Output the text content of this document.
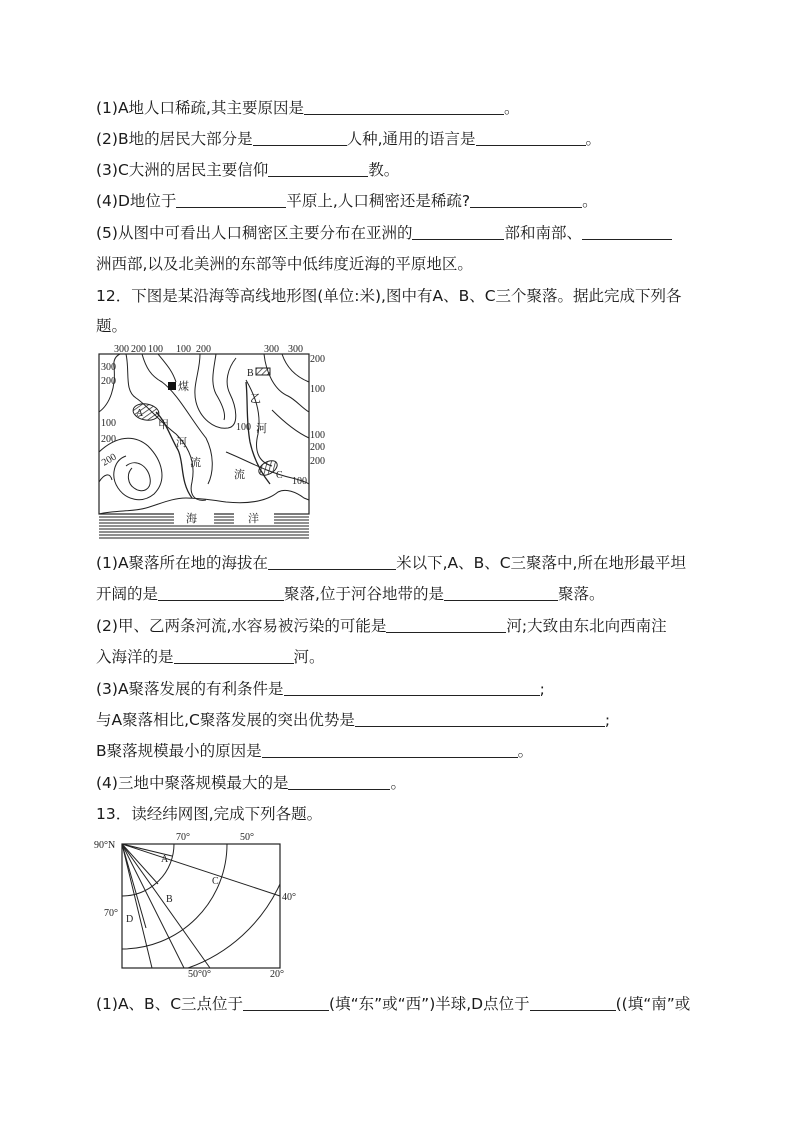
(1)A地人口稀疏,其主要原因是	。
(2)B地的居民大部分是	人种,通用的语言是	。
(3)C大洲的居民主要信仰	教。
(4)D地位于	平原上,人口稠密还是稀疏?	。
(5)从图中可看出人口稠密区主要分布在亚洲的	部和南部、
洲西部,以及北美洲的东部等中低纬度近海的平原地区。
12．下图是某沿海等高线地形图(单位:米),图中有A、B、C三个聚落。据此完成下列各
题。
300 200 100 100 200	300 300
300
200
100
200
200
200
100
100
200
200
100
100
煤
A
B
C
甲
河
流
乙
河
流
海	洋
(1)A聚落所在地的海拔在	米以下,A、B、C三聚落中,所在地形最平坦
开阔的是	聚落,位于河谷地带的是	聚落。
(2)甲、乙两条河流,水容易被污染的可能是	河;大致由东北向西南注
入海洋的是	河。
(3)A聚落发展的有利条件是	;
与A聚落相比,C聚落发展的突出优势是	;
B聚落规模最小的原因是	。
(4)三地中聚落规模最大的是	。
13．读经纬网图,完成下列各题。
90°N
70°	50°
40°
70°
50°0°	20°
A
B
C
D
(1)A、B、C三点位于	(填“东”或“西”)半球,D点位于	((填“南”或
